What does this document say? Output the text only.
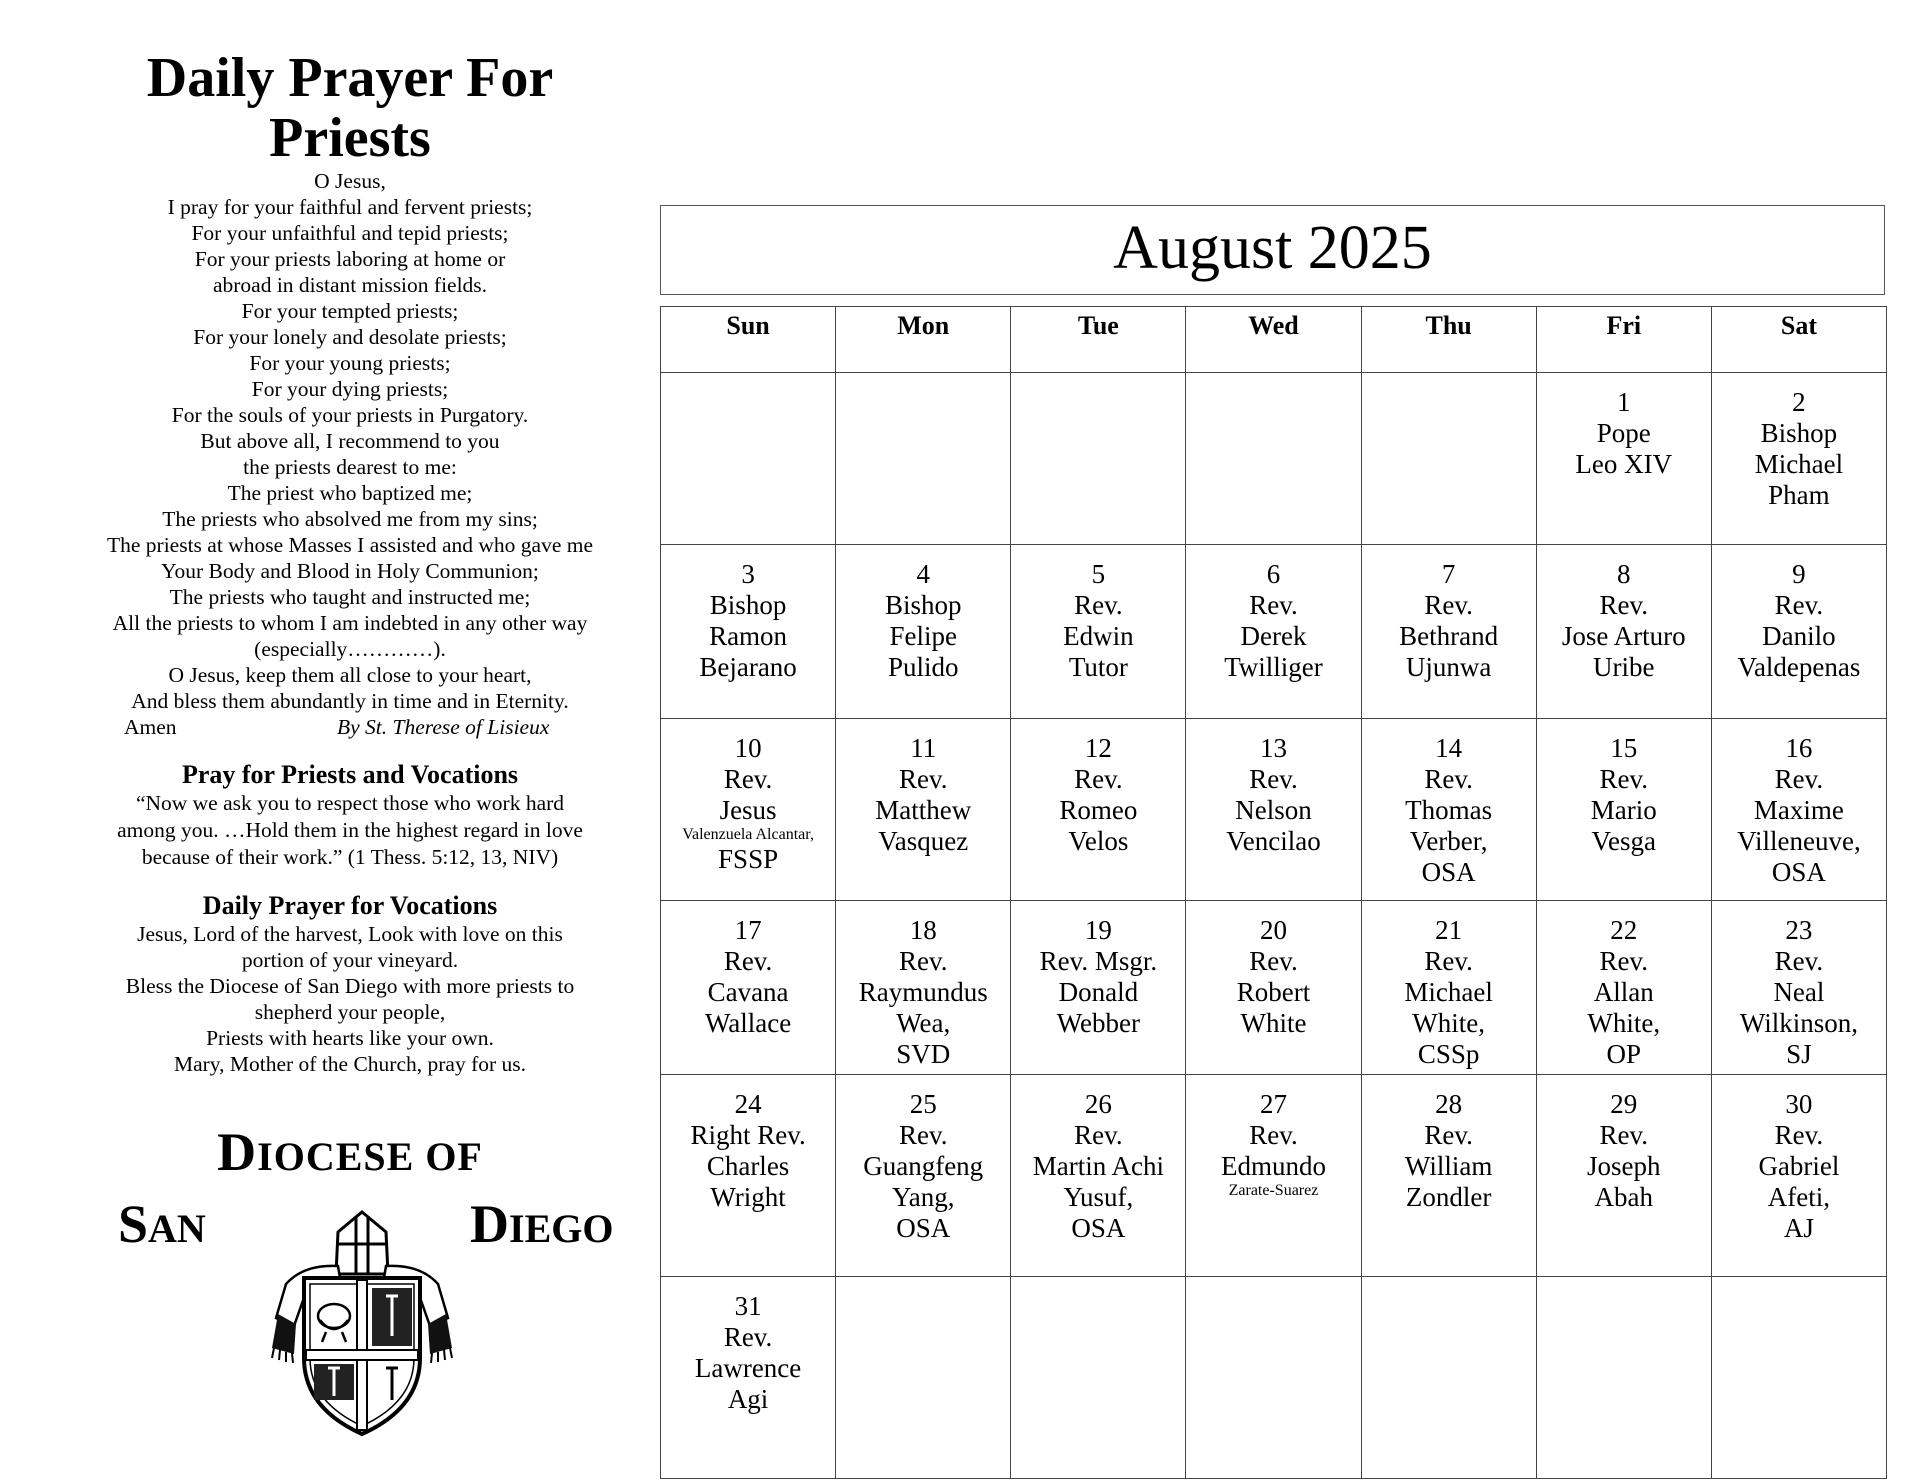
Daily Prayer For
Priests
O Jesus,
I pray for your faithful and fervent priests;
For your unfaithful and tepid priests;
For your priests laboring at home or
abroad in distant mission fields.
For your tempted priests;
For your lonely and desolate priests;
For your young priests;
For your dying priests;
For the souls of your priests in Purgatory.
But above all, I recommend to you
the priests dearest to me:
The priest who baptized me;
The priests who absolved me from my sins;
The priests at whose Masses I assisted and who gave me
Your Body and Blood in Holy Communion;
The priests who taught and instructed me;
All the priests to whom I am indebted in any other way
(especially…………).
O Jesus, keep them all close to your heart,
And bless them abundantly in time and in Eternity.
Amen	By St. Therese of Lisieux
Pray for Priests and Vocations
“Now we ask you to respect those who work hard
among you. …Hold them in the highest regard in love
because of their work.” (1 Thess. 5:12, 13, NIV)
Daily Prayer for Vocations
Jesus, Lord of the harvest, Look with love on this
portion of your vineyard.
Bless the Diocese of San Diego with more priests to
shepherd your people,
Priests with hearts like your own.
Mary, Mother of the Church, pray for us.
DIOCESE OF
SAN	DIEGO
August 2025
Sun	Mon	Tue	Wed	Thu	Fri	Sat

					1
Pope
Leo XIV	2
Bishop
Michael
Pham

3
Bishop
Ramon
Bejarano	4
Bishop
Felipe
Pulido	5
Rev.
Edwin
Tutor	6
Rev.
Derek
Twilliger	7
Rev.
Bethrand
Ujunwa	8
Rev.
Jose Arturo
Uribe	9
Rev.
Danilo
Valdepenas

10
Rev.
Jesus
Valenzuela Alcantar,
FSSP	11
Rev.
Matthew
Vasquez	12
Rev.
Romeo
Velos	13
Rev.
Nelson
Vencilao	14
Rev.
Thomas
Verber,
OSA	15
Rev.
Mario
Vesga	16
Rev.
Maxime
Villeneuve,
OSA

17
Rev.
Cavana
Wallace	18
Rev.
Raymundus
Wea,
SVD	19
Rev. Msgr.
Donald
Webber	20
Rev.
Robert
White	21
Rev.
Michael
White,
CSSp	22
Rev.
Allan
White,
OP	23
Rev.
Neal
Wilkinson,
SJ

24
Right Rev.
Charles
Wright	25
Rev.
Guangfeng
Yang,
OSA	26
Rev.
Martin Achi
Yusuf,
OSA	27
Rev.
Edmundo
Zarate-Suarez	28
Rev.
William
Zondler	29
Rev.
Joseph
Abah	30
Rev.
Gabriel
Afeti,
AJ

31
Rev.
Lawrence
Agi						
